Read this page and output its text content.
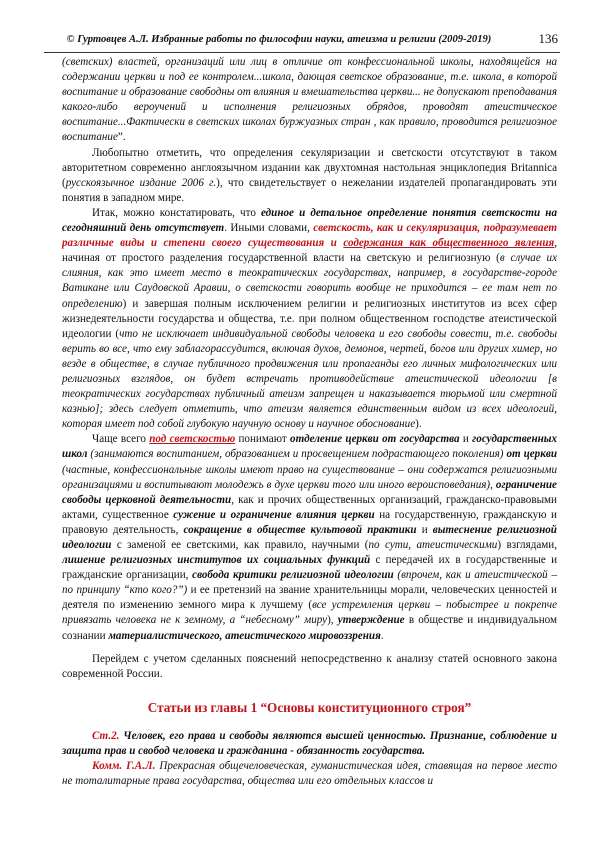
© Гуртовцев А.Л. Избранные работы по философии науки, атеизма и религии (2009-2019)	136

(светских) властей, организаций или лиц в отличие от конфессиональной школы, находящейся на содержании церкви и под ее контролем...школа, дающая светское образование, т.е. школа, в которой воспитание и образование свободны от влияния и вмешательства церкви... не допускают преподавания какого-либо вероучений и исполнения религиозных обрядов, проводят атеистическое воспитание...Фактически в светских школах буржуазных стран , как правило, проводится религиозное воспитание”.

Любопытно отметить, что определения секуляризации и светскости отсутствуют в таком авторитетном современно англоязычном издании как двухтомная настольная энциклопедия Britannica (русскоязычное издание 2006 г.), что свидетельствует о нежелании издателей пропагандировать эти понятия в западном мире.

Итак, можно констатировать, что единое и детальное определение понятия светскости на сегодняшний день отсутствует. Иными словами, светскость, как и секуляризация, подразумевает различные виды и степени своего существования и содержания как общественного явления, начиная от простого разделения государственной власти на светскую и религиозную (в случае их слияния, как это имеет место в теократических государствах, например, в государстве-городе Ватикане или Саудовской Аравии, о светскости говорить вообще не приходится – ее там нет по определению) и завершая полным исключением религии и религиозных институтов из всех сфер жизнедеятельности государства и общества, т.е. при полном общественном господстве атеистической идеологии (что не исключает индивидуальной свободы человека и его свободы совести, т.е. свободы верить во все, что ему заблагорассудится, включая духов, демонов, чертей, богов или других химер, но везде в обществе, в случае публичного продвижения или пропаганды его личных мифологических или религиозных взглядов, он будет встречать противодействие атеистической идеологии [в теократических государствах публичный атеизм запрещен и наказывается тюрьмой или смертной казнью]; здесь следует отметить, что атеизм является единственным видом из всех идеологий, которая имеет под собой глубокую научную основу и научное обоснование).

Чаще всего под светскостью понимают отделение церкви от государства и государственных школ (занимаются воспитанием, образованием и просвещением подрастающего поколения) от церкви (частные, конфессиональные школы имеют право на существование – они содержатся религиозными организациями и воспитывают молодежь в духе церкви того или иного вероисповедания), ограничение свободы церковной деятельности, как и прочих общественных организаций, гражданско-правовыми актами, существенное сужение и ограничение влияния церкви на государственную, гражданскую и правовую деятельность, сокращение в обществе культовой практики и вытеснение религиозной идеологии с заменой ее светскими, как правило, научными (по сути, атеистическими) взглядами, лишение религиозных институтов их социальных функций с передачей их в государственные и гражданские организации, свобода критики религиозной идеологии (впрочем, как и атеистической – по принципу “кто кого?”) и ее претензий на звание хранительницы морали, человеческих ценностей и деятеля по изменению земного мира к лучшему (все устремления церкви – побыстрее и покрепче привязать человека не к земному, а “небесному” миру), утверждение в обществе и индивидуальном сознании материалистического, атеистического мировоззрения.

Перейдем с учетом сделанных пояснений непосредственно к анализу статей основного закона современной России.

Статьи из главы 1 “Основы конституционного строя”

Ст.2. Человек, его права и свободы являются высшей ценностью. Признание, соблюдение и защита прав и свобод человека и гражданина - обязанность государства.

Комм. Г.А.Л. Прекрасная общечеловеческая, гуманистическая идея, ставящая на первое место не тоталитарные права государства, общества или его отдельных классов и
